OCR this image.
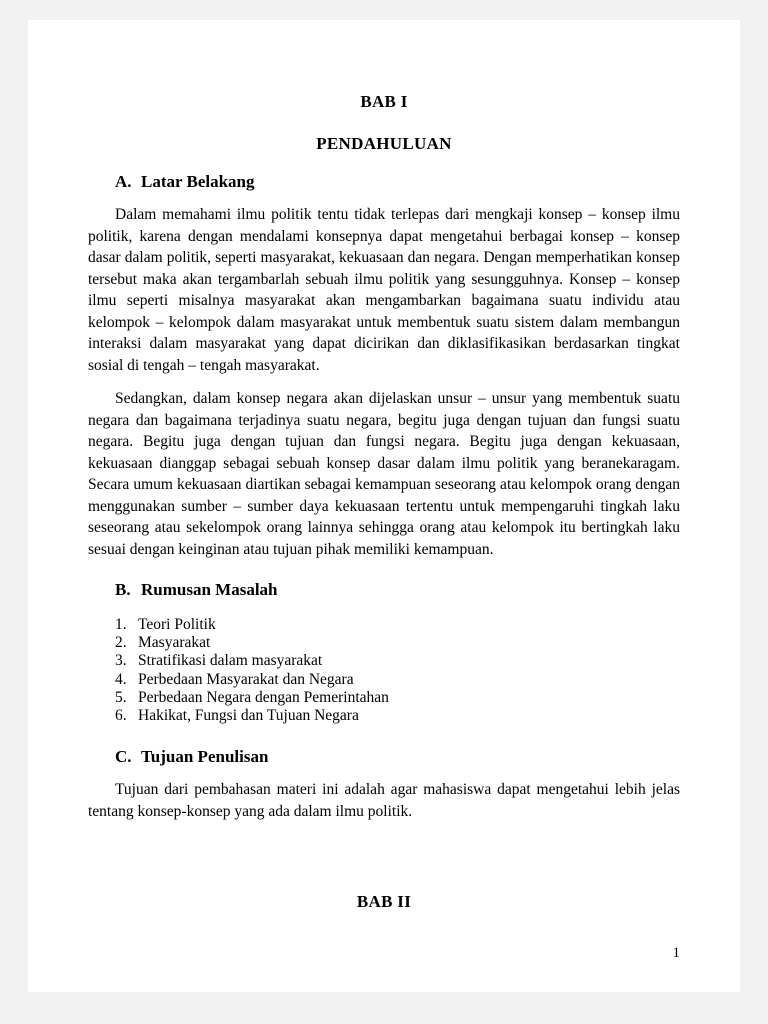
BAB I
PENDAHULUAN
A. Latar Belakang

Dalam memahami ilmu politik tentu tidak terlepas dari mengkaji konsep – konsep ilmu politik, karena dengan mendalami konsepnya dapat mengetahui berbagai konsep – konsep dasar dalam politik, seperti masyarakat, kekuasaan dan negara. Dengan memperhatikan konsep tersebut maka akan tergambarlah sebuah ilmu politik yang sesungguhnya. Konsep – konsep ilmu seperti misalnya masyarakat akan mengambarkan bagaimana suatu individu atau kelompok – kelompok dalam masyarakat untuk membentuk suatu sistem dalam membangun interaksi dalam masyarakat yang dapat dicirikan dan diklasifikasikan berdasarkan tingkat sosial di tengah – tengah masyarakat.

Sedangkan, dalam konsep negara akan dijelaskan unsur – unsur yang membentuk suatu negara dan bagaimana terjadinya suatu negara, begitu juga dengan tujuan dan fungsi suatu negara. Begitu juga dengan tujuan dan fungsi negara. Begitu juga dengan kekuasaan, kekuasaan dianggap sebagai sebuah konsep dasar dalam ilmu politik yang beranekaragam. Secara umum kekuasaan diartikan sebagai kemampuan seseorang atau kelompok orang dengan menggunakan sumber – sumber daya kekuasaan tertentu untuk mempengaruhi tingkah laku seseorang atau sekelompok orang lainnya sehingga orang atau kelompok itu bertingkah laku sesuai dengan keinginan atau tujuan pihak memiliki kemampuan.

B. Rumusan Masalah
1. Teori Politik
2. Masyarakat
3. Stratifikasi dalam masyarakat
4. Perbedaan Masyarakat dan Negara
5. Perbedaan Negara dengan Pemerintahan
6. Hakikat, Fungsi dan Tujuan Negara
C. Tujuan Penulisan

Tujuan dari pembahasan materi ini adalah agar mahasiswa dapat mengetahui lebih jelas tentang konsep-konsep yang ada dalam ilmu politik.

BAB II
1
